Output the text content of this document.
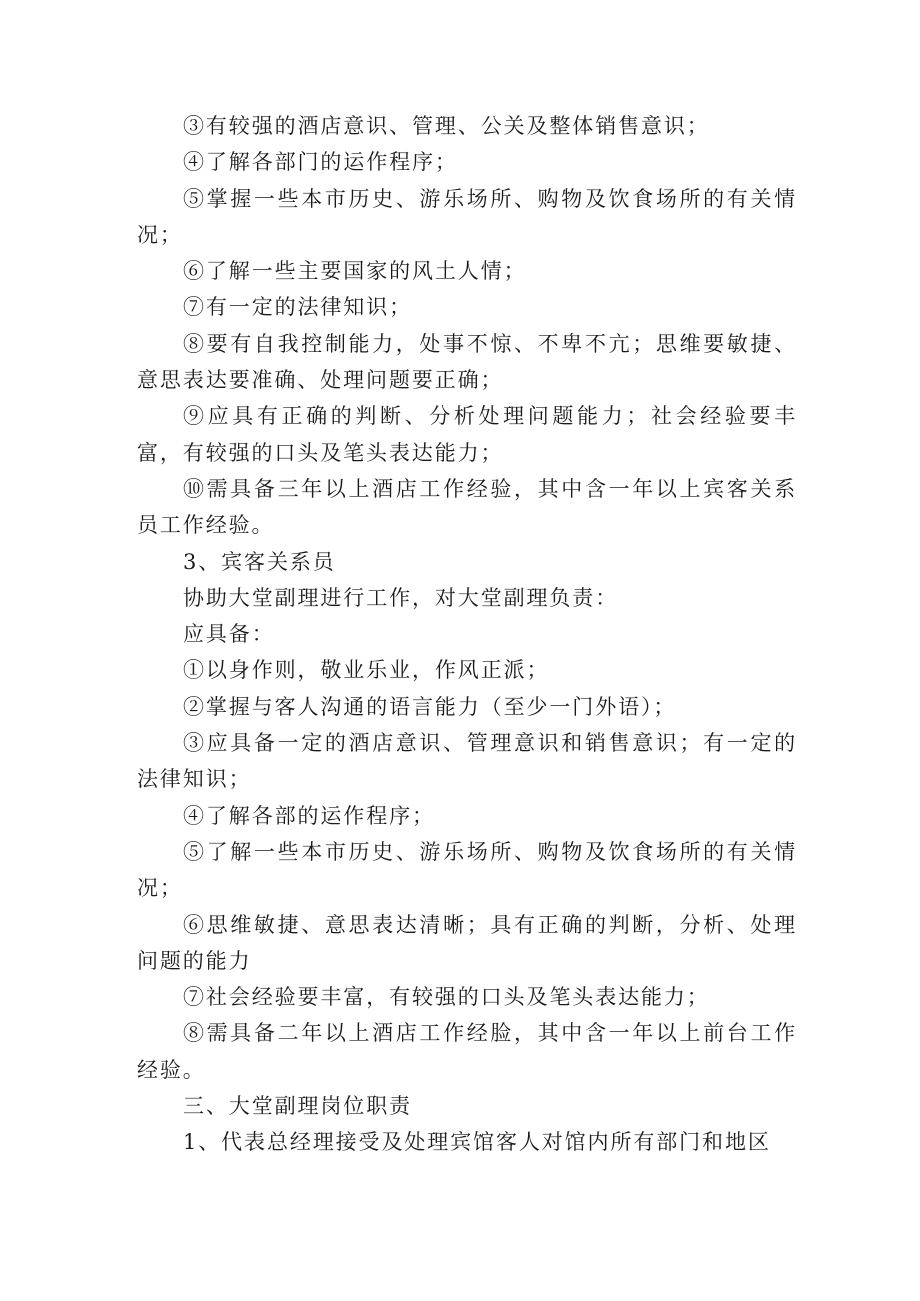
③有较强的酒店意识、管理、公关及整体销售意识；

④了解各部门的运作程序；

⑤掌握一些本市历史、游乐场所、购物及饮食场所的有关情况；

⑥了解一些主要国家的风土人情；

⑦有一定的法律知识；

⑧要有自我控制能力，处事不惊、不卑不亢；思维要敏捷、意思表达要准确、处理问题要正确；

⑨应具有正确的判断、分析处理问题能力；社会经验要丰富，有较强的口头及笔头表达能力；

⑩需具备三年以上酒店工作经验，其中含一年以上宾客关系员工作经验。

3、宾客关系员

协助大堂副理进行工作，对大堂副理负责：

应具备：

①以身作则，敬业乐业，作风正派；

②掌握与客人沟通的语言能力（至少一门外语）；

③应具备一定的酒店意识、管理意识和销售意识；有一定的法律知识；

④了解各部的运作程序；

⑤了解一些本市历史、游乐场所、购物及饮食场所的有关情况；

⑥思维敏捷、意思表达清晰；具有正确的判断，分析、处理问题的能力

⑦社会经验要丰富，有较强的口头及笔头表达能力；

⑧需具备二年以上酒店工作经脸，其中含一年以上前台工作经验。

三、大堂副理岗位职责

1、代表总经理接受及处理宾馆客人对馆内所有部门和地区
